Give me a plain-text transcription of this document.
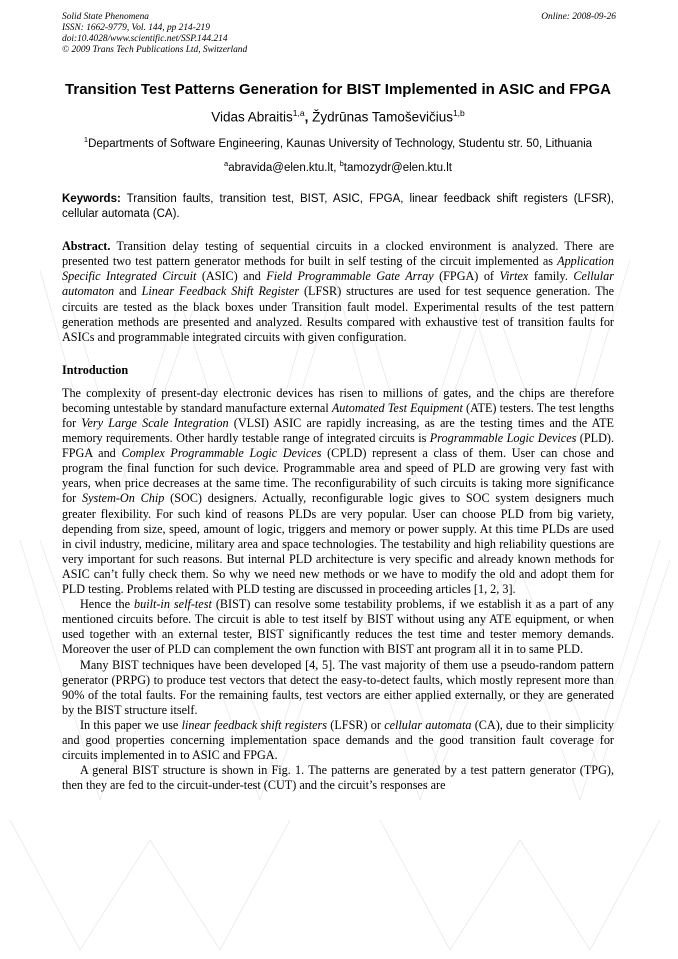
Solid State Phenomena
ISSN: 1662-9779, Vol. 144, pp 214-219
doi:10.4028/www.scientific.net/SSP.144.214
© 2009 Trans Tech Publications Ltd, Switzerland
Online: 2008-09-26
Transition Test Patterns Generation for BIST Implemented in ASIC and FPGA
Vidas Abraitis$^{1,a}$, Žydrūnas Tamoševičius$^{1,b}$
$^1$Departments of Software Engineering, Kaunas University of Technology, Studentu str. 50, Lithuania
$^a$abravida@elen.ktu.lt, $^b$tamozydr@elen.ktu.lt
Keywords: Transition faults, transition test, BIST, ASIC, FPGA, linear feedback shift registers (LFSR), cellular automata (CA).

Abstract. Transition delay testing of sequential circuits in a clocked environment is analyzed. There are presented two test pattern generator methods for built in self testing of the circuit implemented as Application Specific Integrated Circuit (ASIC) and Field Programmable Gate Array (FPGA) of Virtex family. Cellular automaton and Linear Feedback Shift Register (LFSR) structures are used for test sequence generation. The circuits are tested as the black boxes under Transition fault model. Experimental results of the test pattern generation methods are presented and analyzed. Results compared with exhaustive test of transition faults for ASICs and programmable integrated circuits with given configuration.

Introduction

The complexity of present-day electronic devices has risen to millions of gates, and the chips are therefore becoming untestable by standard manufacture external Automated Test Equipment (ATE) testers. The test lengths for Very Large Scale Integration (VLSI) ASIC are rapidly increasing, as are the testing times and the ATE memory requirements. Other hardly testable range of integrated circuits is Programmable Logic Devices (PLD). FPGA and Complex Programmable Logic Devices (CPLD) represent a class of them. User can chose and program the final function for such device. Programmable area and speed of PLD are growing very fast with years, when price decreases at the same time. The reconfigurability of such circuits is taking more significance for System-On Chip (SOC) designers. Actually, reconfigurable logic gives to SOC system designers much greater flexibility. For such kind of reasons PLDs are very popular. User can choose PLD from big variety, depending from size, speed, amount of logic, triggers and memory or power supply. At this time PLDs are used in civil industry, medicine, military area and space technologies. The testability and high reliability questions are very important for such reasons. But internal PLD architecture is very specific and already known methods for ASIC can’t fully check them. So why we need new methods or we have to modify the old and adopt them for PLD testing. Problems related with PLD testing are discussed in proceeding articles [1, 2, 3].

Hence the built-in self-test (BIST) can resolve some testability problems, if we establish it as a part of any mentioned circuits before. The circuit is able to test itself by BIST without using any ATE equipment, or when used together with an external tester, BIST significantly reduces the test time and tester memory demands. Moreover the user of PLD can complement the own function with BIST ant program all it in to same PLD.

Many BIST techniques have been developed [4, 5]. The vast majority of them use a pseudo-random pattern generator (PRPG) to produce test vectors that detect the easy-to-detect faults, which mostly represent more than 90% of the total faults. For the remaining faults, test vectors are either applied externally, or they are generated by the BIST structure itself.

In this paper we use linear feedback shift registers (LFSR) or cellular automata (CA), due to their simplicity and good properties concerning implementation space demands and the good transition fault coverage for circuits implemented in to ASIC and FPGA.

A general BIST structure is shown in Fig. 1. The patterns are generated by a test pattern generator (TPG), then they are fed to the circuit-under-test (CUT) and the circuit’s responses are
